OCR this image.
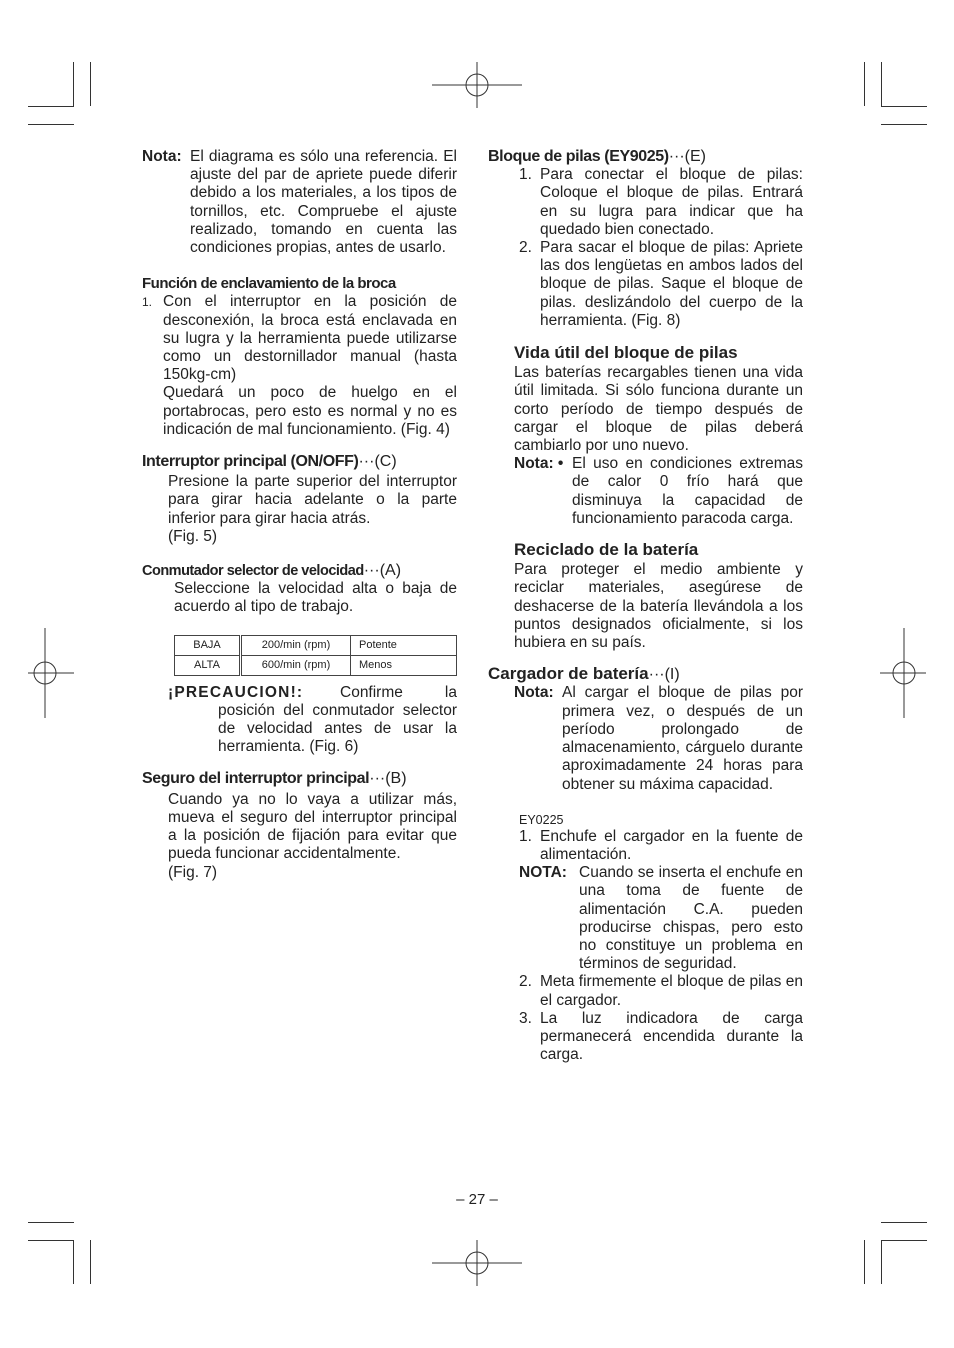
Nota: El diagrama es sólo una referencia. El ajuste del par de apriete puede diferir debido a los materiales, a los tipos de tornillos, etc. Compruebe el ajuste realizado, tomando en cuenta las condiciones propias, antes de usarlo.
Función de enclavamiento de la broca
1. Con el interruptor en la posición de desconexión, la broca está enclavada en su lugra y la herramienta puede utilizarse como un destornillador manual (hasta 150kg-cm)
Quedará un poco de huelgo en el portabrocas, pero esto es normal y no es indicación de mal funcionamiento. (Fig. 4)
Interruptor principal (ON/OFF)···(C)
Presione la parte superior del interruptor para girar hacia adelante o la parte inferior para girar hacia atrás.
(Fig. 5)
Conmutador selector de velocidad···(A)
Seleccione la velocidad alta o baja de acuerdo al tipo de trabajo.
BAJA	200/min (rpm)	Potente
ALTA	600/min (rpm)	Menos
¡PRECAUCION!:	Confirme la posición del conmutador selector de velocidad antes de usar la herramienta. (Fig. 6)
Seguro del interruptor principal···(B)
Cuando ya no lo vaya a utilizar más, mueva el seguro del interruptor principal a la posición de fijación para evitar que pueda funcionar accidentalmente.
(Fig. 7)
Bloque de pilas (EY9025)···(E)
1. Para conectar el bloque de pilas: Coloque el bloque de pilas. Entrará en su lugra para indicar que ha quedado bien conectado.
2. Para sacar el bloque de pilas: Apriete las dos lengüetas en ambos lados del bloque de pilas. Saque el bloque de pilas. deslizándolo del cuerpo de la herramienta. (Fig. 8)
Vida útil del bloque de pilas
Las baterías recargables tienen una vida útil limitada. Si sólo funciona durante un corto período de tiempo después de cargar el bloque de pilas deberá cambiarlo por uno nuevo.
Nota: • El uso en condiciones extremas de calor 0 frío hará que disminuya la capacidad de funcionamiento paracoda carga.
Reciclado de la batería
Para proteger el medio ambiente y reciclar materiales, asegúrese de deshacerse de la batería llevándola a los puntos designados oficialmente, si los hubiera en su país.
Cargador de batería···(I)
Nota: Al cargar el bloque de pilas por primera vez, o después de un período prolongado de almacenamiento, cárguelo durante aproximadamente 24 horas para obtener su máxima capacidad.
EY0225
1. Enchufe el cargador en la fuente de alimentación.
NOTA: Cuando se inserta el enchufe en una toma de fuente de alimentación C.A. pueden producirse chispas, pero esto no constituye un problema en términos de seguridad.
2. Meta firmemente el bloque de pilas en el cargador.
3. La luz indicadora de carga permanecerá encendida durante la carga.
– 27 –
